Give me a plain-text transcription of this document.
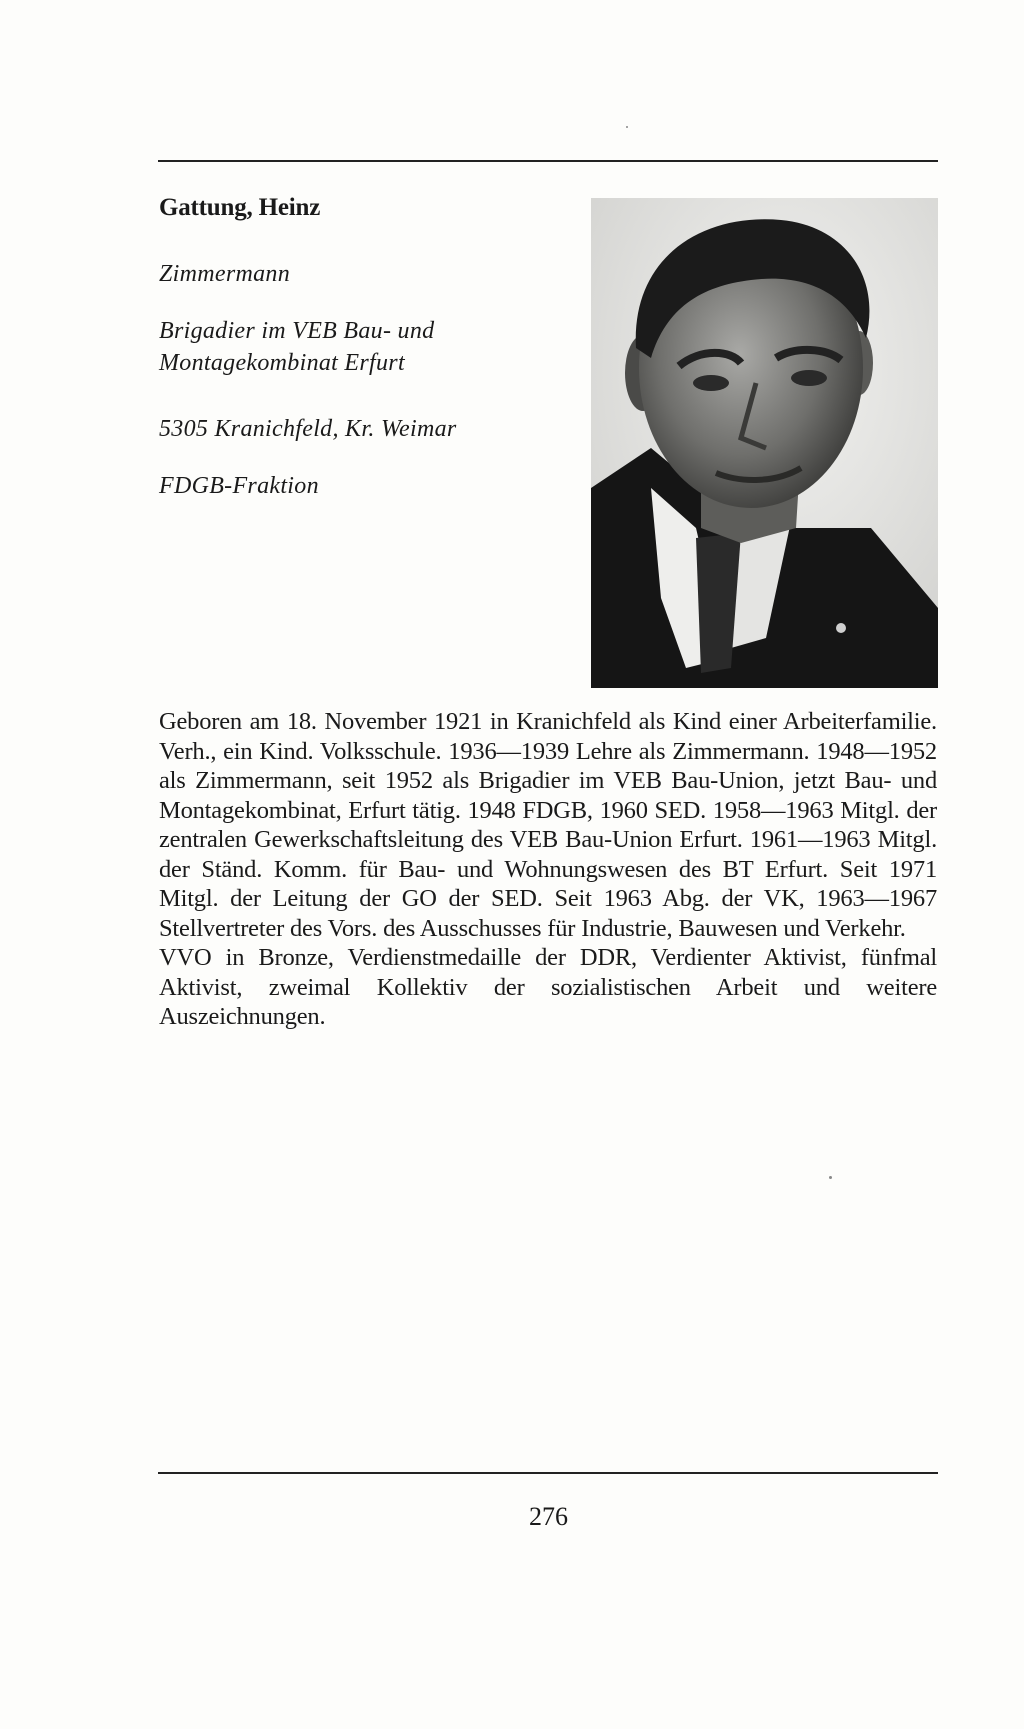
Gattung, Heinz
Zimmermann
Brigadier im VEB Bau- und
Montagekombinat Erfurt
5305 Kranichfeld, Kr. Weimar
FDGB-Fraktion

Geboren am 18. November 1921 in Kranichfeld als Kind einer Arbeiterfamilie. Verh., ein Kind. Volksschule. 1936—1939 Lehre als Zimmermann. 1948—1952 als Zimmermann, seit 1952 als Brigadier im VEB Bau-Union, jetzt Bau- und Montagekombinat, Erfurt tätig. 1948 FDGB, 1960 SED. 1958—1963 Mitgl. der zentralen Gewerkschaftsleitung des VEB Bau-Union Erfurt. 1961—1963 Mitgl. der Ständ. Komm. für Bau- und Wohnungswesen des BT Erfurt. Seit 1971 Mitgl. der Leitung der GO der SED. Seit 1963 Abg. der VK, 1963—1967 Stellvertreter des Vors. des Ausschusses für Industrie, Bauwesen und Verkehr.

VVO in Bronze, Verdienstmedaille der DDR, Verdienter Aktivist, fünfmal Aktivist, zweimal Kollektiv der sozialistischen Arbeit und weitere Auszeichnungen.

276
